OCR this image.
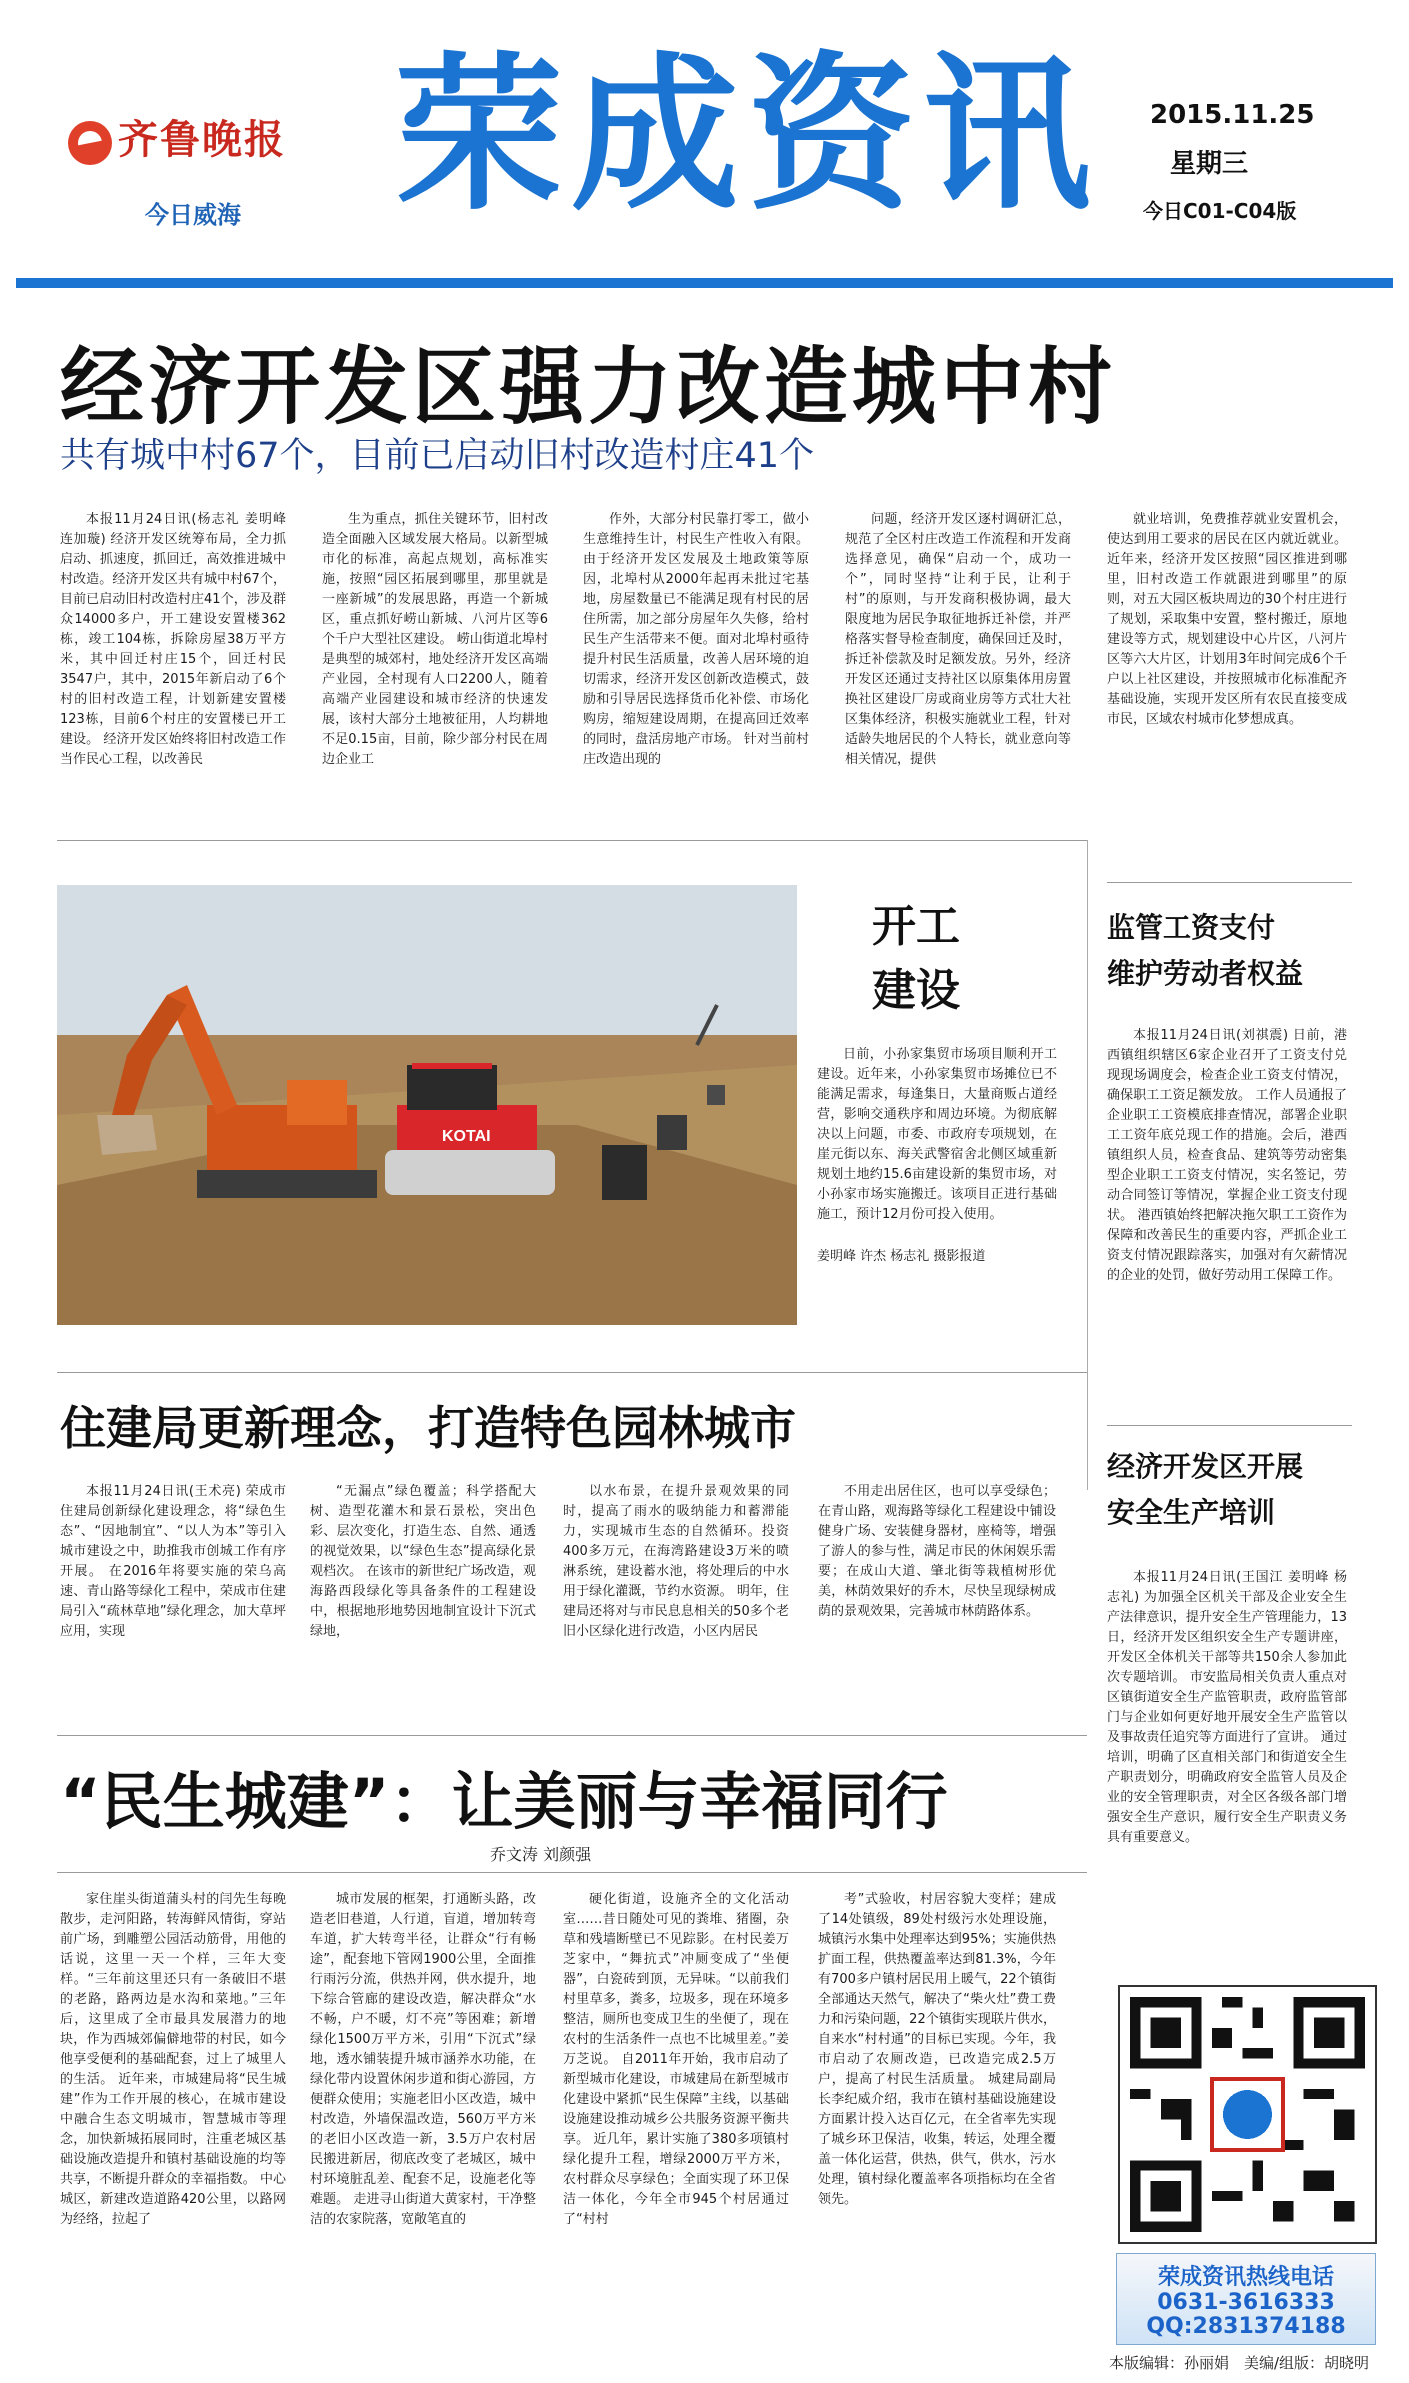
齐鲁晚报
今日威海 荣成资讯 2015.11.25
星期三
今日C01-C04版
经济开发区强力改造城中村
共有城中村67个，目前已启动旧村改造村庄41个
本报11月24日讯(杨志礼 姜明峰 连加璇) 经济开发区统筹布局，全力抓启动、抓速度，抓回迁，高效推进城中村改造。经济开发区共有城中村67个，目前已启动旧村改造村庄41个，涉及群众14000多户，开工建设安置楼362栋，竣工104栋，拆除房屋38万平方米，其中回迁村庄15个，回迁村民3547户，其中，2015年新启动了6个村的旧村改造工程，计划新建安置楼123栋，目前6个村庄的安置楼已开工建设。 经济开发区始终将旧村改造工作当作民心工程，以改善民
生为重点，抓住关键环节，旧村改造全面融入区域发展大格局。以新型城市化的标准，高起点规划，高标准实施，按照“园区拓展到哪里，那里就是一座新城”的发展思路，再造一个新城区，重点抓好崂山新城、八河片区等6个千户大型社区建设。 崂山街道北埠村是典型的城郊村，地处经济开发区高端产业园，全村现有人口2200人，随着高端产业园建设和城市经济的快速发展，该村大部分土地被征用，人均耕地不足0.15亩，目前，除少部分村民在周边企业工
作外，大部分村民靠打零工，做小生意维持生计，村民生产性收入有限。由于经济开发区发展及土地政策等原因，北埠村从2000年起再未批过宅基地，房屋数量已不能满足现有村民的居住所需，加之部分房屋年久失修，给村民生产生活带来不便。面对北埠村亟待提升村民生活质量，改善人居环境的迫切需求，经济开发区创新改造模式，鼓励和引导居民选择货币化补偿、市场化购房，缩短建设周期，在提高回迁效率的同时，盘活房地产市场。 针对当前村庄改造出现的
问题，经济开发区逐村调研汇总，规范了全区村庄改造工作流程和开发商选择意见，确保“启动一个，成功一个”，同时坚持“让利于民，让利于村”的原则，与开发商积极协调，最大限度地为居民争取征地拆迁补偿，并严格落实督导检查制度，确保回迁及时，拆迁补偿款及时足额发放。另外，经济开发区还通过支持社区以原集体用房置换社区建设厂房或商业房等方式壮大社区集体经济，积极实施就业工程，针对适龄失地居民的个人特长，就业意向等相关情况，提供
就业培训，免费推荐就业安置机会，使达到用工要求的居民在区内就近就业。 近年来，经济开发区按照“园区推进到哪里，旧村改造工作就跟进到哪里”的原则，对五大园区板块周边的30个村庄进行了规划，采取集中安置，整村搬迁，原地建设等方式，规划建设中心片区，八河片区等六大片区，计划用3年时间完成6个千户以上社区建设，并按照城市化标准配齐基础设施，实现开发区所有农民直接变成市民，区域农村城市化梦想成真。
KOTAI
开工
建设
日前，小孙家集贸市场项目顺利开工建设。近年来，小孙家集贸市场摊位已不能满足需求，每逢集日，大量商贩占道经营，影响交通秩序和周边环境。为彻底解决以上问题，市委、市政府专项规划，在崖元街以东、海关武警宿舍北侧区域重新规划土地约15.6亩建设新的集贸市场，对小孙家市场实施搬迁。该项目正进行基础施工，预计12月份可投入使用。
姜明峰 许杰 杨志礼 摄影报道
监管工资支付
维护劳动者权益
本报11月24日讯(刘祺震) 日前，港西镇组织辖区6家企业召开了工资支付兑现现场调度会，检查企业工资支付情况，确保职工工资足额发放。 工作人员通报了企业职工工资模底排查情况，部署企业职工工资年底兑现工作的措施。会后，港西镇组织人员，检查食品、建筑等劳动密集型企业职工工资支付情况，实名签记，劳动合同签订等情况，掌握企业工资支付现状。 港西镇始终把解决拖欠职工工资作为保障和改善民生的重要内容，严抓企业工资支付情况跟踪落实，加强对有欠薪情况的企业的处罚，做好劳动用工保障工作。
经济开发区开展
安全生产培训
本报11月24日讯(王国江 姜明峰 杨志礼) 为加强全区机关干部及企业安全生产法律意识，提升安全生产管理能力，13日，经济开发区组织安全生产专题讲座，开发区全体机关干部等共150余人参加此次专题培训。 市安监局相关负责人重点对区镇街道安全生产监管职责，政府监管部门与企业如何更好地开展安全生产监管以及事故责任追究等方面进行了宣讲。 通过培训，明确了区直相关部门和街道安全生产职责划分，明确政府安全监管人员及企业的安全管理职责，对全区各级各部门增强安全生产意识，履行安全生产职责义务具有重要意义。
住建局更新理念，打造特色园林城市
本报11月24日讯(王术亮) 荣成市住建局创新绿化建设理念，将“绿色生态”、“因地制宜”、“以人为本”等引入城市建设之中，助推我市创城工作有序开展。 在2016年将要实施的荣乌高速、青山路等绿化工程中，荣成市住建局引入“疏林草地”绿化理念，加大草坪应用，实现
“无漏点”绿色覆盖；科学搭配大树、造型花灌木和景石景松，突出色彩、层次变化，打造生态、自然、通透的视觉效果，以“绿色生态”提高绿化景观档次。 在该市的新世纪广场改造，观海路西段绿化等具备条件的工程建设中，根据地形地势因地制宜设计下沉式绿地，
以水布景，在提升景观效果的同时，提高了雨水的吸纳能力和蓄滞能力，实现城市生态的自然循环。投资400多万元，在海湾路建设3万米的喷淋系统，建设蓄水池，将处理后的中水用于绿化灌溉，节约水资源。 明年，住建局还将对与市民息息相关的50多个老旧小区绿化进行改造，小区内居民
不用走出居住区，也可以享受绿色；在青山路，观海路等绿化工程建设中铺设健身广场、安装健身器材，座椅等，增强了游人的参与性，满足市民的休闲娱乐需要；在成山大道、肇北街等栽植树形优美，林荫效果好的乔木，尽快呈现绿树成荫的景观效果，完善城市林荫路体系。
“民生城建”：让美丽与幸福同行
乔文涛 刘颜强
家住崖头街道蒲头村的闫先生每晚散步，走河阳路，转海鲜风情街，穿站前广场，到雕塑公园活动筋骨，用他的话说，这里一天一个样，三年大变样。“三年前这里还只有一条破旧不堪的老路，路两边是水沟和菜地。”三年后，这里成了全市最具发展潜力的地块，作为西城郊偏僻地带的村民，如今他享受便利的基础配套，过上了城里人的生活。 近年来，市城建局将“民生城建”作为工作开展的核心，在城市建设中融合生态文明城市，智慧城市等理念，加快新城拓展同时，注重老城区基础设施改造提升和镇村基础设施的均等共享，不断提升群众的幸福指数。 中心城区，新建改造道路420公里，以路网为经络，拉起了
城市发展的框架，打通断头路，改造老旧巷道，人行道，盲道，增加转弯车道，扩大转弯半径，让群众“行有畅途”，配套地下管网1900公里，全面推行雨污分流，供热并网，供水提升，地下综合管廊的建设改造，解决群众“水不畅，户不暖，灯不亮”等困难；新增绿化1500万平方米，引用“下沉式”绿地，透水铺装提升城市涵养水功能，在绿化带内设置休闲步道和街心游园，方便群众使用；实施老旧小区改造，城中村改造，外墙保温改造，560万平方米的老旧小区改造一新，3.5万户农村居民搬进新居，彻底改变了老城区，城中村环境脏乱差、配套不足，设施老化等难题。 走进寻山街道大黄家村，干净整洁的农家院落，宽敞笔直的
硬化街道，设施齐全的文化活动室……昔日随处可见的粪堆、猪圈，杂草和残墙断壁已不见踪影。在村民姜万芝家中，“舞抗式”冲厕变成了“坐便器”，白瓷砖到顶，无异味。“以前我们村里草多，粪多，垃圾多，现在环境多整洁，厕所也变成卫生的坐便了，现在农村的生活条件一点也不比城里差。”姜万芝说。 自2011年开始，我市启动了新型城市化建设，市城建局在新型城市化建设中紧抓“民生保障”主线，以基础设施建设推动城乡公共服务资源平衡共享。 近几年，累计实施了380多项镇村绿化提升工程，增绿2000万平方米，农村群众尽享绿色；全面实现了环卫保洁一体化，今年全市945个村居通过了“村村
考”式验收，村居容貌大变样；建成了14处镇级，89处村级污水处理设施，城镇污水集中处理率达到95%；实施供热扩面工程，供热覆盖率达到81.3%，今年有700多户镇村居民用上暖气，22个镇街全部通达天然气，解决了“柴火灶”费工费力和污染问题，22个镇街实现联片供水，自来水“村村通”的目标已实现。今年，我市启动了农厕改造，已改造完成2.5万户，提高了村民生活质量。 城建局副局长李纪威介绍，我市在镇村基础设施建设方面累计投入达百亿元，在全省率先实现了城乡环卫保洁，收集，转运，处理全覆盖一体化运营，供热，供气，供水，污水处理，镇村绿化覆盖率各项指标均在全省领先。
荣成资讯热线电话
0631-3616333
QQ:2831374188
本版编辑：孙丽娟　美编/组版：胡晓明
